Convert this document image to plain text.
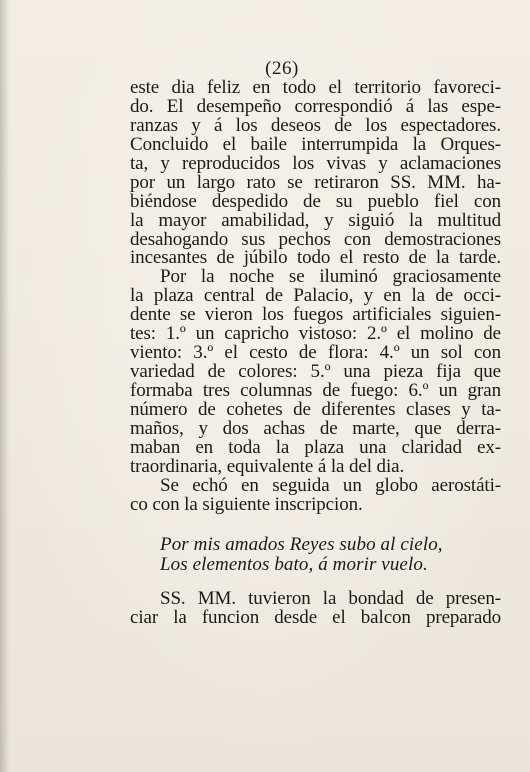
(26)
este dia feliz en todo el territorio favoreci-
do. El desempeño correspondió á las espe-
ranzas y á los deseos de los espectadores.
Concluido el baile interrumpida la Orques-
ta, y reproducidos los vivas y aclamaciones
por un largo rato se retiraron SS. MM. ha-
biéndose despedido de su pueblo fiel con
la mayor amabilidad, y siguió la multitud
desahogando sus pechos con demostraciones
incesantes de júbilo todo el resto de la tarde.
Por la noche se iluminó graciosamente
la plaza central de Palacio, y en la de occi-
dente se vieron los fuegos artificiales siguien-
tes: 1.º un capricho vistoso: 2.º el molino de
viento: 3.º el cesto de flora: 4.º un sol con
variedad de colores: 5.º una pieza fija que
formaba tres columnas de fuego: 6.º un gran
número de cohetes de diferentes clases y ta-
maños, y dos achas de marte, que derra-
maban en toda la plaza una claridad ex-
traordinaria, equivalente á la del dia.
Se echó en seguida un globo aerostáti-
co con la siguiente inscripcion.
Por mis amados Reyes subo al cielo,
Los elementos bato, á morir vuelo.
SS. MM. tuvieron la bondad de presen-
ciar la funcion desde el balcon preparado
